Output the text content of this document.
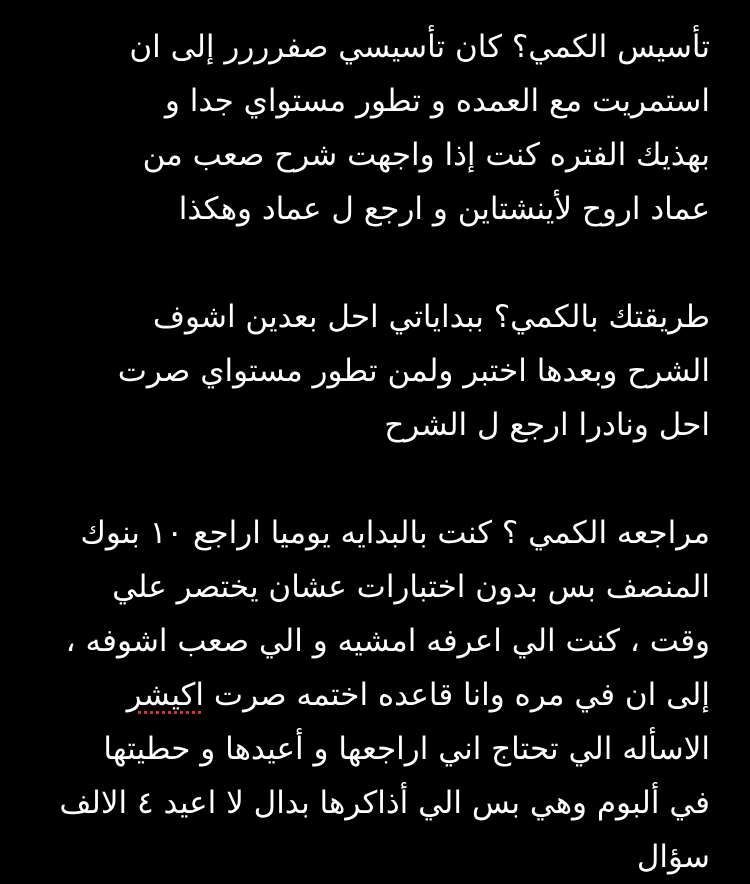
تأسيس الكمي؟ كان تأسيسي صفرررر إلى ان
استمريت مع العمده و تطور مستواي جدا و
بهذيك الفتره كنت إذا واجهت شرح صعب من
عماد اروح لأينشتاين و ارجع ل عماد وهكذا
طريقتك بالكمي؟ ببداياتي احل بعدين اشوف
الشرح وبعدها اختبر ولمن تطور مستواي صرت
احل ونادرا ارجع ل الشرح
مراجعه الكمي ؟ كنت بالبدايه يوميا اراجع ١٠ بنوك
المنصف بس بدون اختبارات عشان يختصر علي
وقت ، كنت الي اعرفه امشيه و الي صعب اشوفه ،
إلى ان في مره وانا قاعده اختمه صرت اكيشر
الاسأله الي تحتاج اني اراجعها و أعيدها و حطيتها
في ألبوم وهي بس الي أذاكرها بدال لا اعيد ٤ الالف
سؤال
